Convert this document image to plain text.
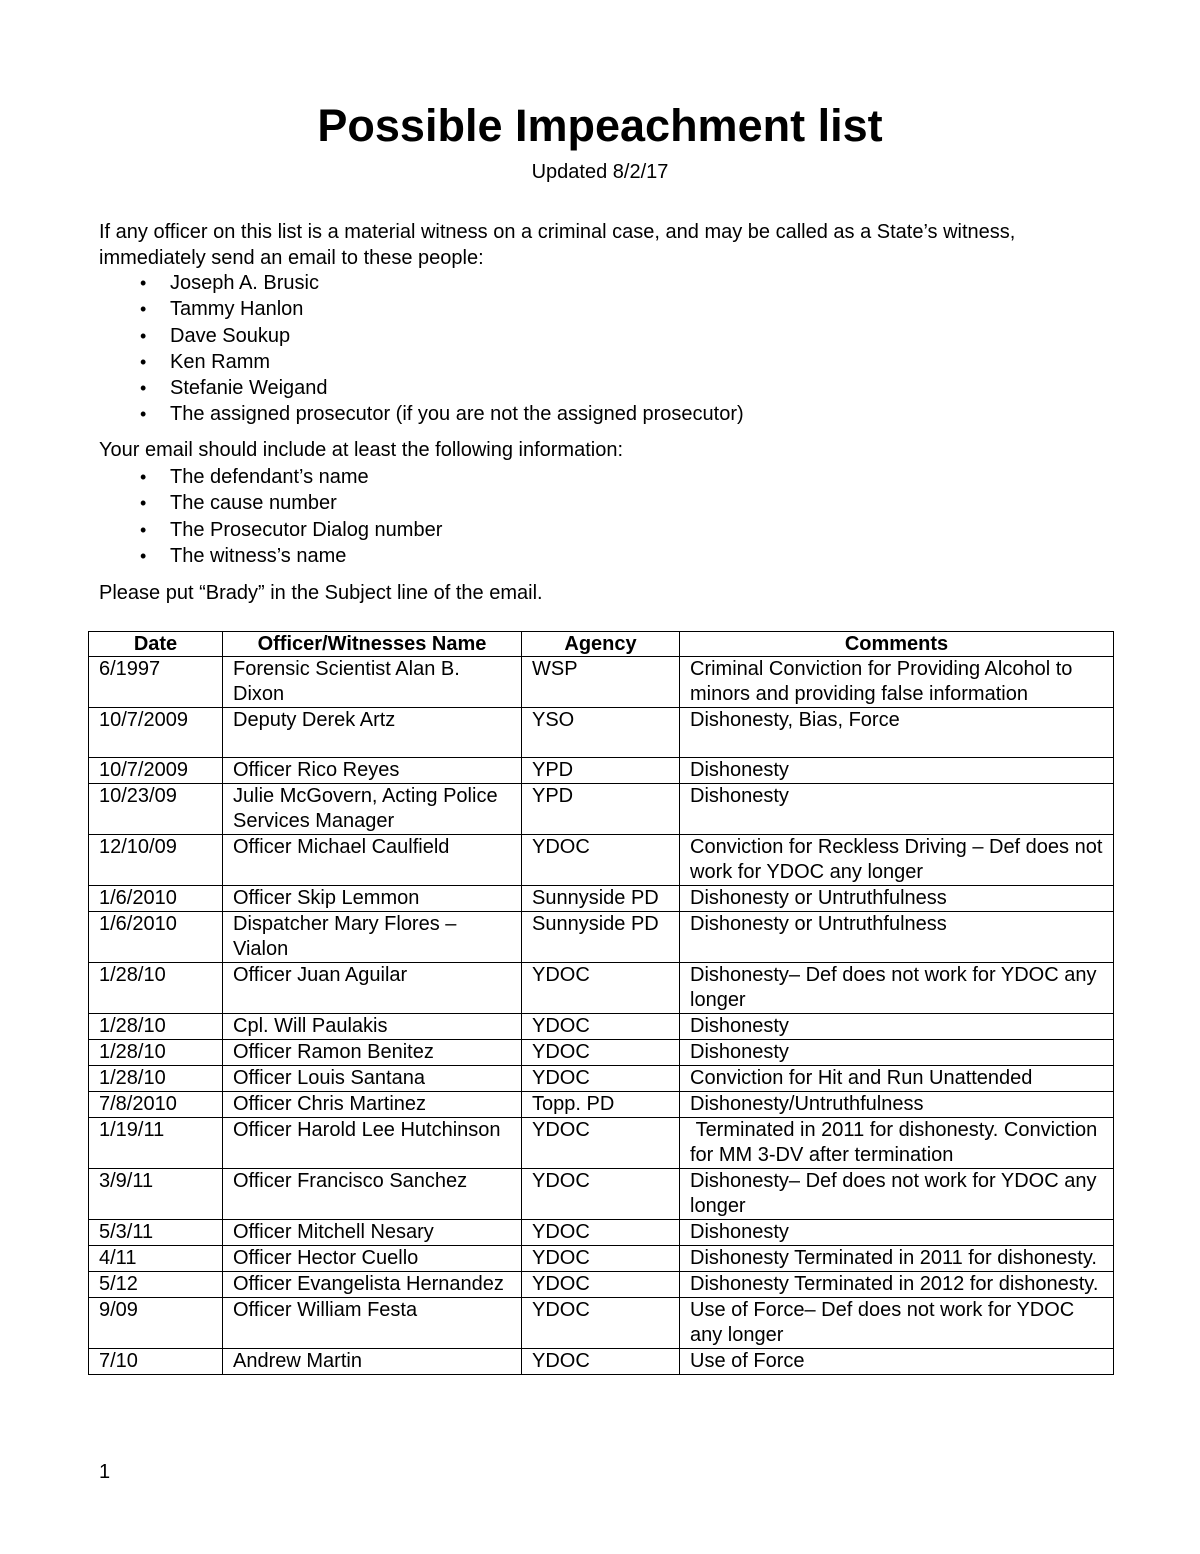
Possible Impeachment list
Updated 8/2/17

If any officer on this list is a material witness on a criminal case, and may be called as a State’s witness, immediately send an email to these people:

• Joseph A. Brusic
• Tammy Hanlon
• Dave Soukup
• Ken Ramm
• Stefanie Weigand
• The assigned prosecutor (if you are not the assigned prosecutor)

Your email should include at least the following information:

• The defendant’s name
• The cause number
• The Prosecutor Dialog number
• The witness’s name

Please put “Brady” in the Subject line of the email.

Date	Officer/Witnesses Name	Agency	Comments
6/1997	Forensic Scientist Alan B. Dixon	WSP	Criminal Conviction for Providing Alcohol to minors and providing false information
10/7/2009	Deputy Derek Artz	YSO	Dishonesty, Bias, Force
10/7/2009	Officer Rico Reyes	YPD	Dishonesty
10/23/09	Julie McGovern, Acting Police Services Manager	YPD	Dishonesty
12/10/09	Officer Michael Caulfield	YDOC	Conviction for Reckless Driving – Def does not work for YDOC any longer
1/6/2010	Officer Skip Lemmon	Sunnyside PD	Dishonesty or Untruthfulness
1/6/2010	Dispatcher Mary Flores – Vialon	Sunnyside PD	Dishonesty or Untruthfulness
1/28/10	Officer Juan Aguilar	YDOC	Dishonesty– Def does not work for YDOC any longer
1/28/10	Cpl. Will Paulakis	YDOC	Dishonesty
1/28/10	Officer Ramon Benitez	YDOC	Dishonesty
1/28/10	Officer Louis Santana	YDOC	Conviction for Hit and Run Unattended
7/8/2010	Officer Chris Martinez	Topp. PD	Dishonesty/Untruthfulness
1/19/11	Officer Harold Lee Hutchinson	YDOC	Terminated in 2011 for dishonesty. Conviction for MM 3-DV after termination
3/9/11	Officer Francisco Sanchez	YDOC	Dishonesty– Def does not work for YDOC any longer
5/3/11	Officer Mitchell Nesary	YDOC	Dishonesty
4/11	Officer Hector Cuello	YDOC	Dishonesty Terminated in 2011 for dishonesty.
5/12	Officer Evangelista Hernandez	YDOC	Dishonesty Terminated in 2012 for dishonesty.
9/09	Officer William Festa	YDOC	Use of Force– Def does not work for YDOC any longer
7/10	Andrew Martin	YDOC	Use of Force
1
